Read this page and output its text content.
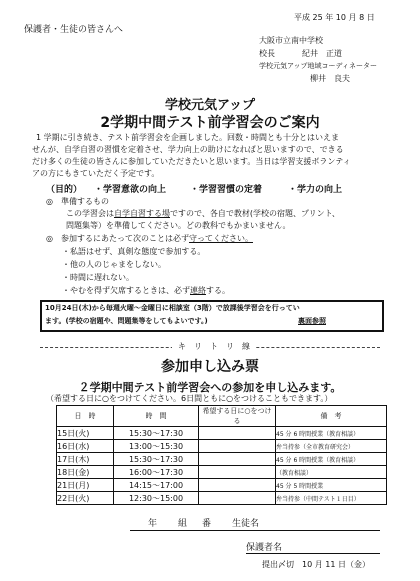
平成 25 年 10 月 8 日
保護者・生徒の皆さんへ
大阪市立南中学校
校長	紀井　正道
学校元気アップ地域コーディネーター
柳井　良夫
学校元気アップ
2学期中間テスト前学習会のご案内
1 学期に引き続き、テスト前学習会を企画しました。回数・時間とも十分とはいえま
せんが、自学自習の習慣を定着させ、学力向上の助けになればと思いますので、できる
だけ多くの生徒の皆さんに参加していただきたいと思います。当日は学習支援ボランティ
アの方にもきていただく予定です。
（目的） ・学習意欲の向上	・学習習慣の定着	・学力の向上
◎　準備するもの
この学習会は自学自習する場ですので、各自で教材(学校の宿題、プリント、
問題集等）を準備してください。どの教科でもかまいません。
◎　参加するにあたって次のことは必ず守ってください。
・私語はせず、真剣な態度で参加する。
・他の人のじゃまをしない。
・時間に遅れない。
・やむを得ず欠席するときは、必ず連絡する。
10月24日(木)から毎週火曜～金曜日に相談室（3階）で放課後学習会を行ってい
ます。(学校の宿題や、問題集等をしてもよいです。)	裏面参照
キ　リ　ト　リ　線
参加申し込み票
２学期中間テスト前学習会への参加を申し込みます。
（希望する日に○をつけてください。6日間ともに○をつけることもできます。）
日　時	時　間	希望する日に○をつける	備　考
15日(火)	15:30～17:30		45 分 6 時間授業（教育相談）
16日(水)	13:00～15:30		弁当持参（全市教育研究会）
17日(木)	15:30～17:30		45 分 6 時間授業（教育相談）
18日(金)	16:00～17:30		（教育相談）
21日(月)	14:15～17:00		45 分 5 時間授業
22日(火)	12:30～15:00		弁当持参（中間テスト１日目）
年 組 番 生徒名
保護者名
提出〆切　10 月 11 日（金）
